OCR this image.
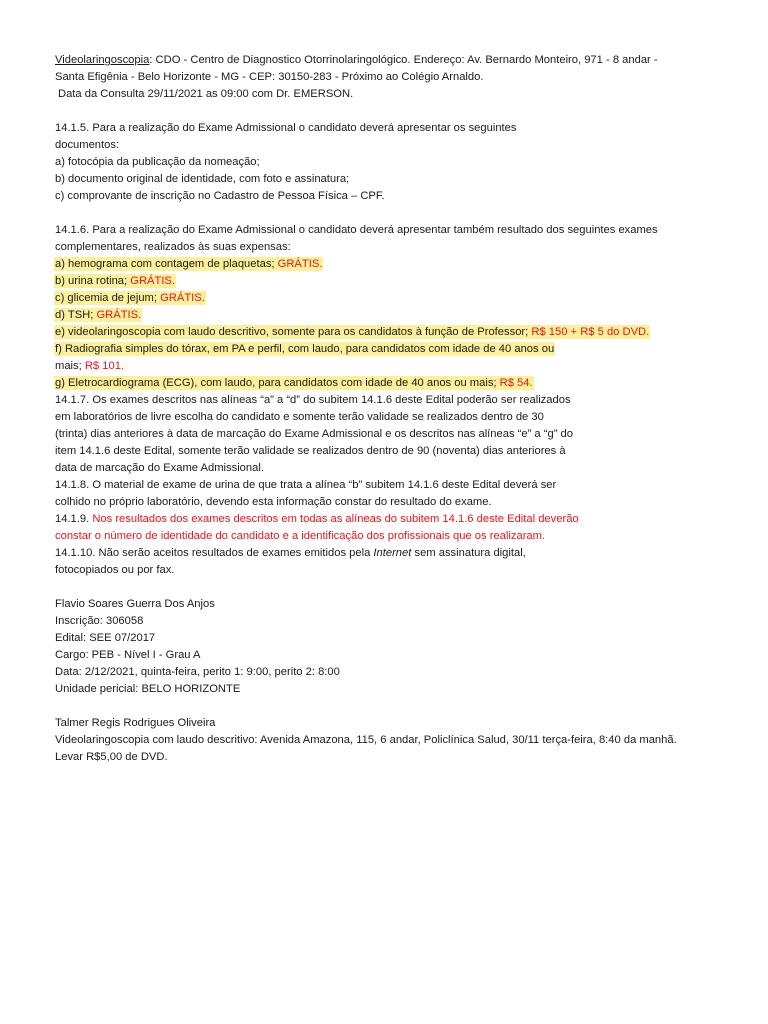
Videolaringoscopia: CDO - Centro de Diagnostico Otorrinolaringológico. Endereço: Av. Bernardo Monteiro, 971 - 8 andar -
Santa Efigênia - Belo Horizonte - MG - CEP: 30150-283 - Próximo ao Colégio Arnaldo.
Data da Consulta 29/11/2021 as 09:00 com Dr. EMERSON.
14.1.5. Para a realização do Exame Admissional o candidato deverá apresentar os seguintes
documentos:
a) fotocópia da publicação da nomeação;
b) documento original de identidade, com foto e assinatura;
c) comprovante de inscrição no Cadastro de Pessoa Física – CPF.
14.1.6. Para a realização do Exame Admissional o candidato deverá apresentar também resultado dos seguintes exames
complementares, realizados às suas expensas:
a) hemograma com contagem de plaquetas; GRÁTIS.
b) urina rotina; GRÁTIS.
c) glicemia de jejum; GRÁTIS.
d) TSH; GRÁTIS.
e) videolaringoscopia com laudo descritivo, somente para os candidatos à função de Professor; R$ 150 + R$ 5 do DVD.
f) Radiografia simples do tórax, em PA e perfil, com laudo, para candidatos com idade de 40 anos ou
mais; R$ 101.
g) Eletrocardiograma (ECG), com laudo, para candidatos com idade de 40 anos ou mais; R$ 54.
14.1.7. Os exames descritos nas alíneas “a” a “d” do subitem 14.1.6 deste Edital poderão ser realizados
em laboratórios de livre escolha do candidato e somente terão validade se realizados dentro de 30
(trinta) dias anteriores à data de marcação do Exame Admissional e os descritos nas alíneas “e” a “g” do
item 14.1.6 deste Edital, somente terão validade se realizados dentro de 90 (noventa) dias anteriores à
data de marcação do Exame Admissional.
14.1.8. O material de exame de urina de que trata a alínea “b” subitem 14.1.6 deste Edital deverá ser
colhido no próprio laboratório, devendo esta informação constar do resultado do exame.
14.1.9. Nos resultados dos exames descritos em todas as alíneas do subitem 14.1.6 deste Edital deverão
constar o número de identidade do candidato e a identificação dos profissionais que os realizaram.
14.1.10. Não serão aceitos resultados de exames emitidos pela Internet sem assinatura digital,
fotocopiados ou por fax.
Flavio Soares Guerra Dos Anjos
Inscrição: 306058
Edital: SEE 07/2017
Cargo: PEB - Nível I - Grau A
Data: 2/12/2021, quinta-feira, perito 1: 9:00, perito 2: 8:00
Unidade pericial: BELO HORIZONTE
Talmer Regis Rodrigues Oliveira
Videolaringoscopia com laudo descritivo: Avenida Amazona, 115, 6 andar, Policlínica Salud, 30/11 terça-feira, 8:40 da manhã.
Levar R$5,00 de DVD.
